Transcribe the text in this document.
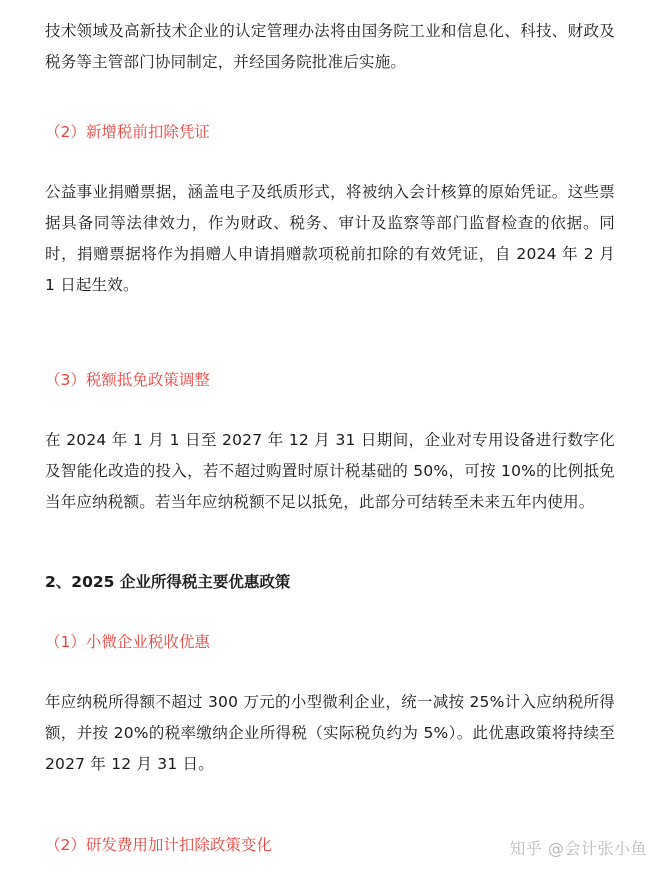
技术领域及高新技术企业的认定管理办法将由国务院工业和信息化、科技、财政及税务等主管部门协同制定，并经国务院批准后实施。

（2）新增税前扣除凭证

公益事业捐赠票据，涵盖电子及纸质形式，将被纳入会计核算的原始凭证。这些票据具备同等法律效力，作为财政、税务、审计及监察等部门监督检查的依据。同时，捐赠票据将作为捐赠人申请捐赠款项税前扣除的有效凭证，自 2024 年 2 月 1 日起生效。

（3）税额抵免政策调整

在 2024 年 1 月 1 日至 2027 年 12 月 31 日期间，企业对专用设备进行数字化及智能化改造的投入，若不超过购置时原计税基础的 50%，可按 10%的比例抵免当年应纳税额。若当年应纳税额不足以抵免，此部分可结转至未来五年内使用。

2、2025 企业所得税主要优惠政策

（1）小微企业税收优惠

年应纳税所得额不超过 300 万元的小型微利企业，统一减按 25%计入应纳税所得额，并按 20%的税率缴纳企业所得税（实际税负约为 5%）。此优惠政策将持续至 2027 年 12 月 31 日。

（2）研发费用加计扣除政策变化	知乎 @会计张小鱼
